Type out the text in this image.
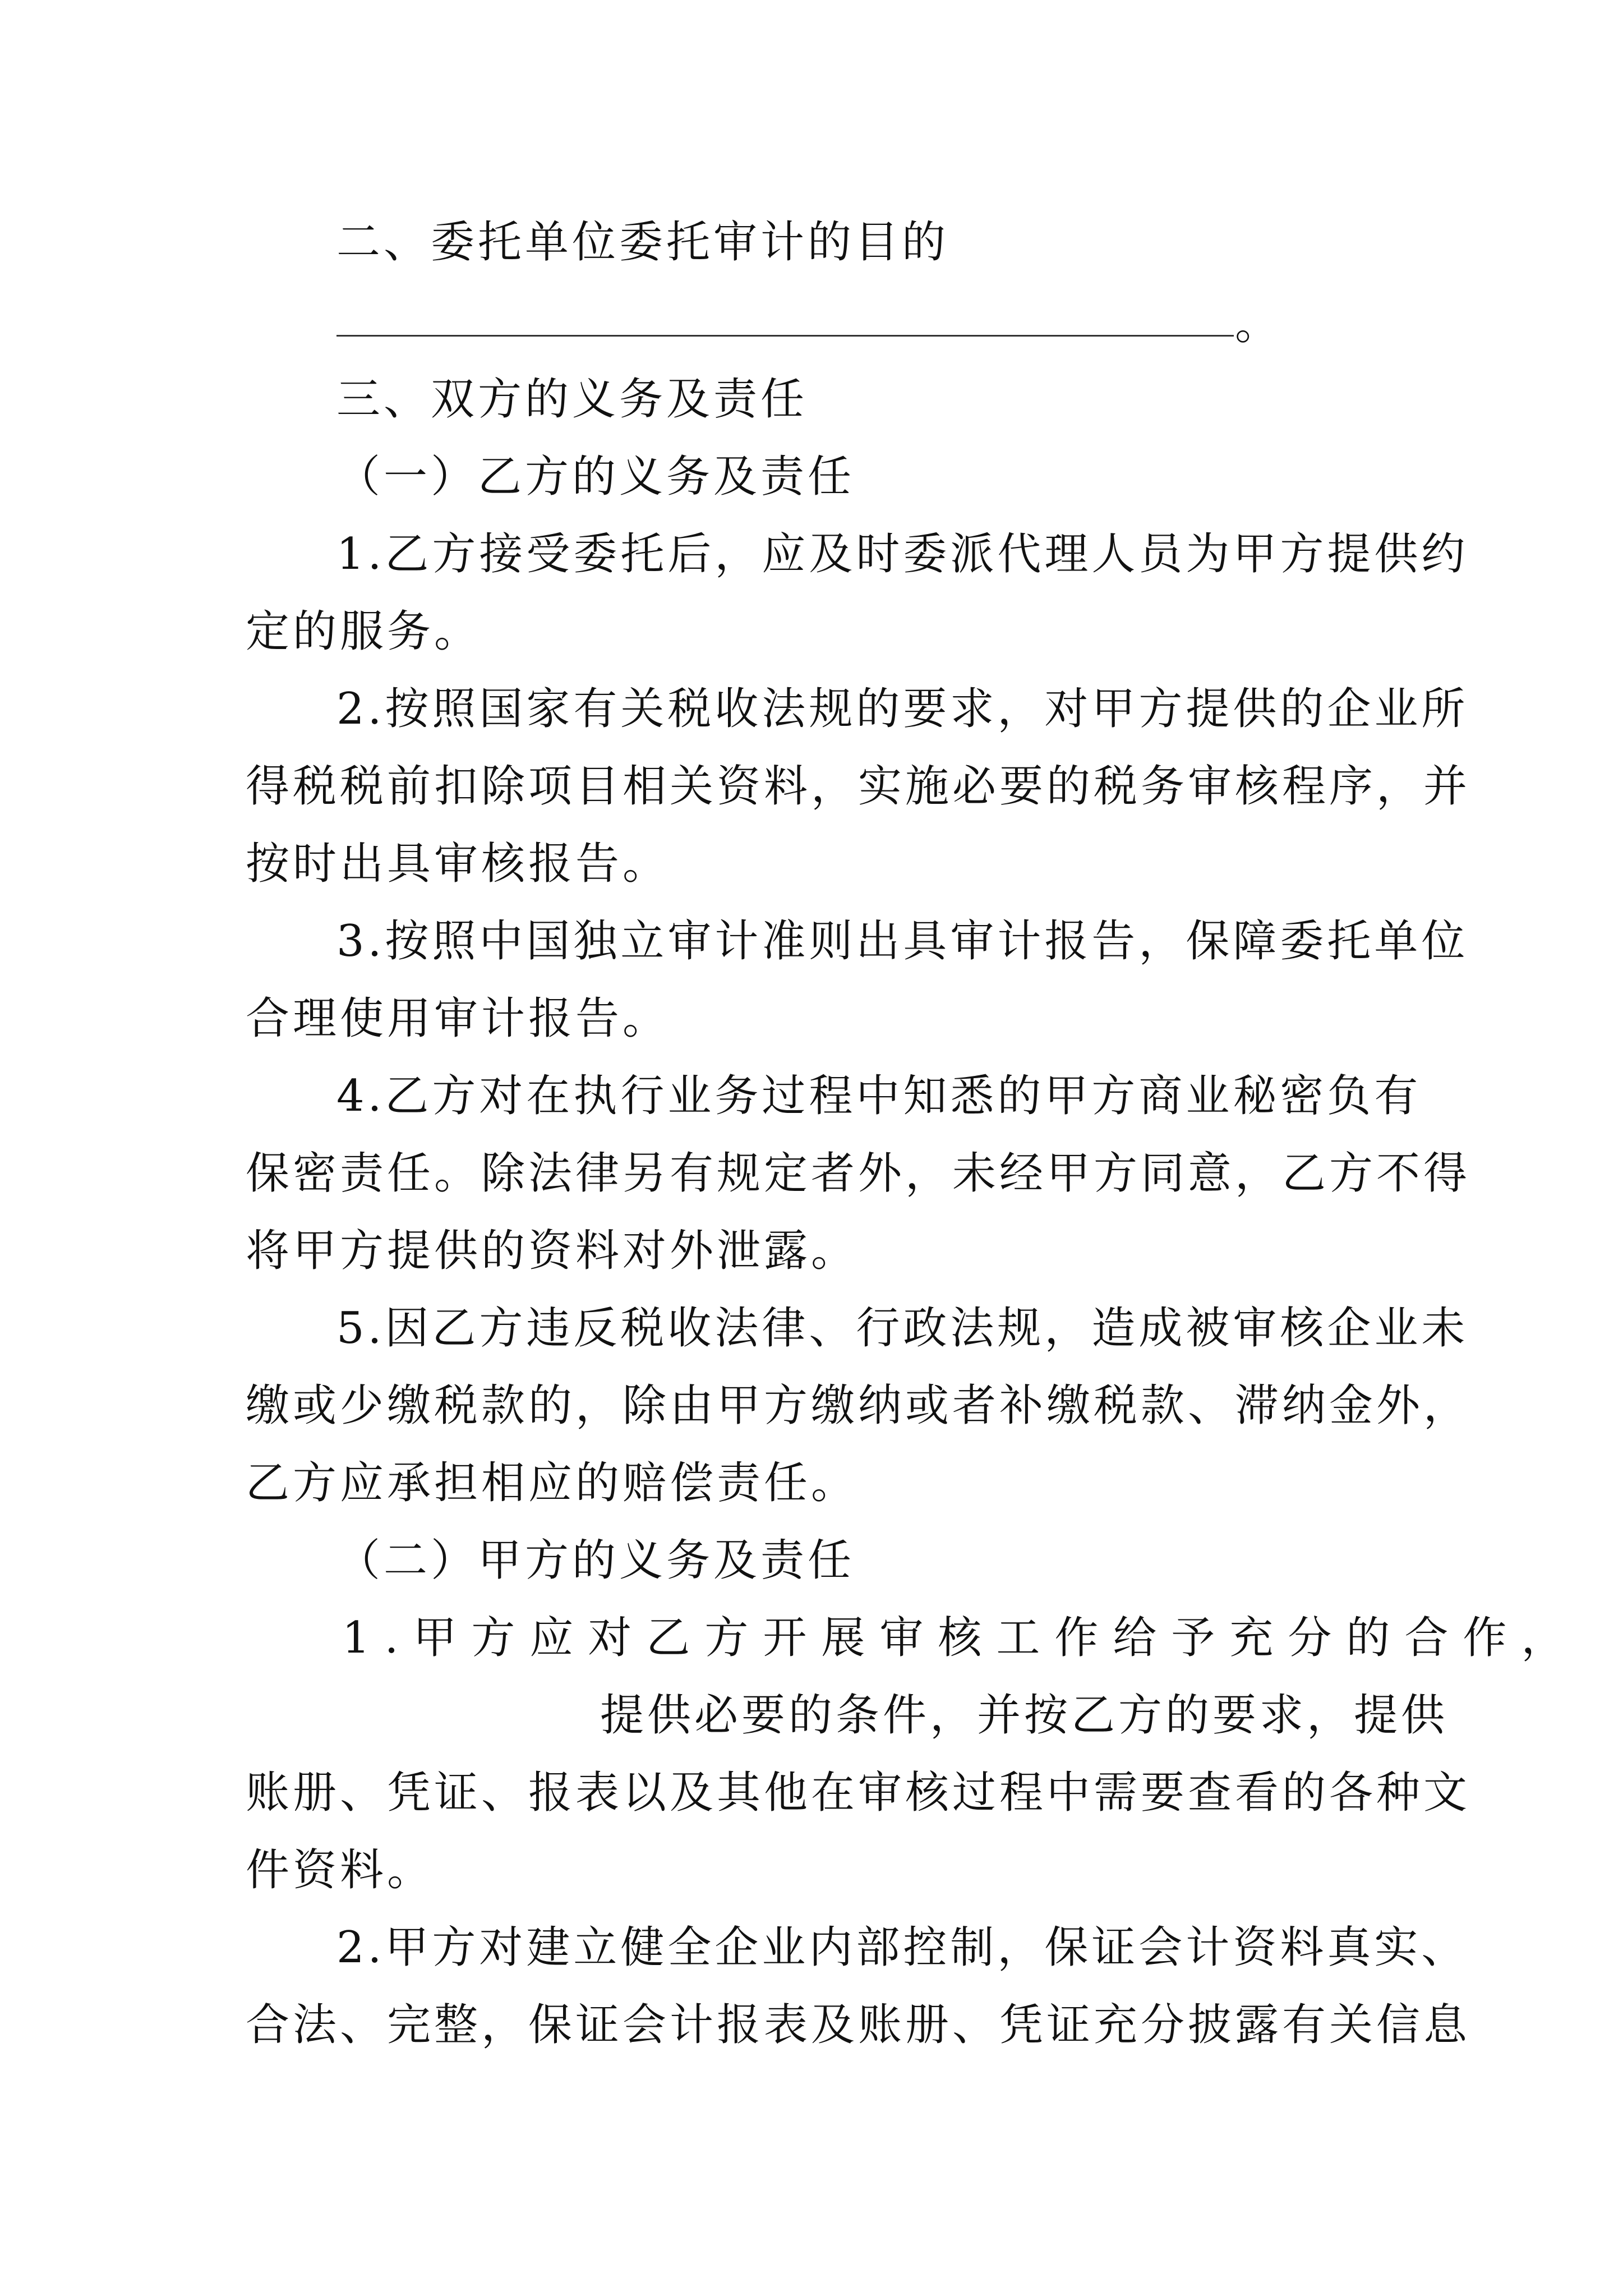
二、委托单位委托审计的目的
。
三、双方的义务及责任
（一）乙方的义务及责任
1.乙方接受委托后，应及时委派代理人员为甲方提供约
定的服务。
2.按照国家有关税收法规的要求，对甲方提供的企业所
得税税前扣除项目相关资料，实施必要的税务审核程序，并
按时出具审核报告。
3.按照中国独立审计准则出具审计报告，保障委托单位
合理使用审计报告。
4.乙方对在执行业务过程中知悉的甲方商业秘密负有
保密责任。除法律另有规定者外，未经甲方同意，乙方不得
将甲方提供的资料对外泄露。
5.因乙方违反税收法律、行政法规，造成被审核企业未
缴或少缴税款的，除由甲方缴纳或者补缴税款、滞纳金外，
乙方应承担相应的赔偿责任。
（二）甲方的义务及责任
1.甲方应对乙方开展审核工作给予充分的合作，
提供必要的条件，并按乙方的要求，提供
账册、凭证、报表以及其他在审核过程中需要查看的各种文
件资料。
2.甲方对建立健全企业内部控制，保证会计资料真实、
合法、完整，保证会计报表及账册、凭证充分披露有关信息
